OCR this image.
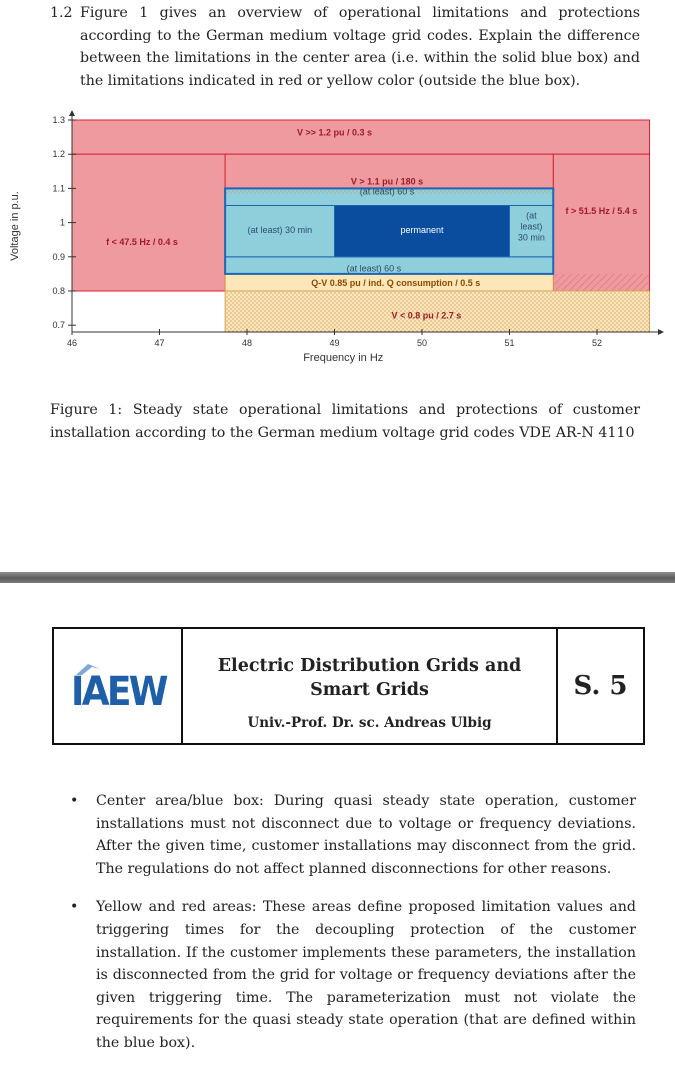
1.2 Figure 1 gives an overview of operational limitations and protections according to the German medium voltage grid codes. Explain the difference between the limitations in the center area (i.e. within the solid blue box) and the limitations indicated in red or yellow color (outside the blue box).
1.3
1.2
1.1
1
0.9
0.8
0.7
46	47	48	49	50	51	52
Frequency in Hz
Voltage in p.u.
V >> 1.2 pu / 0.3 s
f < 47.5 Hz / 0.4 s
f > 51.5 Hz / 5.4 s
V > 1.1 pu / 180 s
Q-V 0.85 pu / ind. Q consumption / 0.5 s
V < 0.8 pu / 2.7 s
(at least) 60 s
(at least) 60 s
(at least) 30 min	permanent
(at
least)
30 min
Figure 1: Steady state operational limitations and protections of customer installation according to the German medium voltage grid codes VDE AR-N 4110
IAEW
Electric Distribution Grids and
Smart Grids
Univ.-Prof. Dr. sc. Andreas Ulbig
S. 5
• Center area/blue box: During quasi steady state operation, customer installations must not disconnect due to voltage or frequency deviations. After the given time, customer installations may disconnect from the grid. The regulations do not affect planned disconnections for other reasons.
• Yellow and red areas: These areas define proposed limitation values and triggering times for the decoupling protection of the customer installation. If the customer implements these parameters, the installation is disconnected from the grid for voltage or frequency deviations after the given triggering time. The parameterization must not violate the requirements for the quasi steady state operation (that are defined within the blue box).
